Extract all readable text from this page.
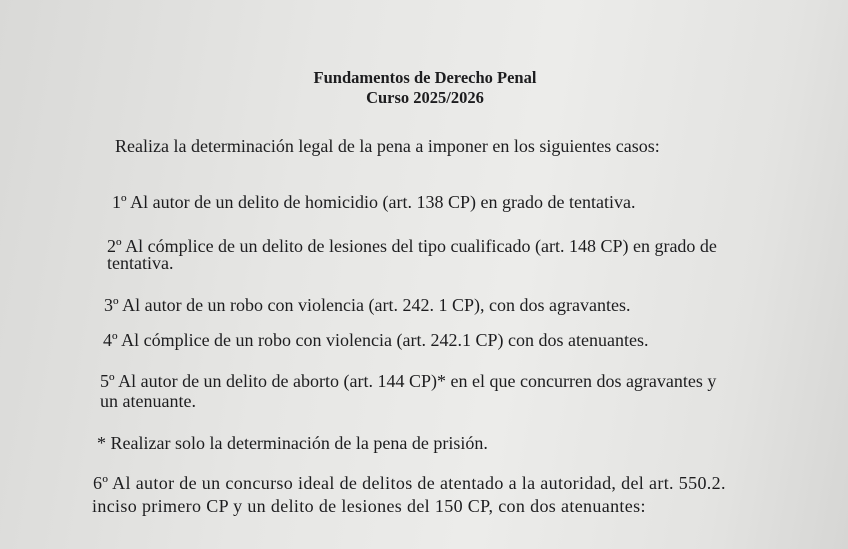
Fundamentos de Derecho Penal
Curso 2025/2026
Realiza la determinación legal de la pena a imponer en los siguientes casos:
1º Al autor de un delito de homicidio (art. 138 CP) en grado de tentativa.
2º Al cómplice de un delito de lesiones del tipo cualificado (art. 148 CP) en grado de
tentativa.
3º Al autor de un robo con violencia (art. 242. 1 CP), con dos agravantes.
4º Al cómplice de un robo con violencia (art. 242.1 CP) con dos atenuantes.
5º Al autor de un delito de aborto (art. 144 CP)* en el que concurren dos agravantes y
un atenuante.
* Realizar solo la determinación de la pena de prisión.
6º Al autor de un concurso ideal de delitos de atentado a la autoridad, del art. 550.2.
inciso primero CP y un delito de lesiones del 150 CP, con dos atenuantes:
